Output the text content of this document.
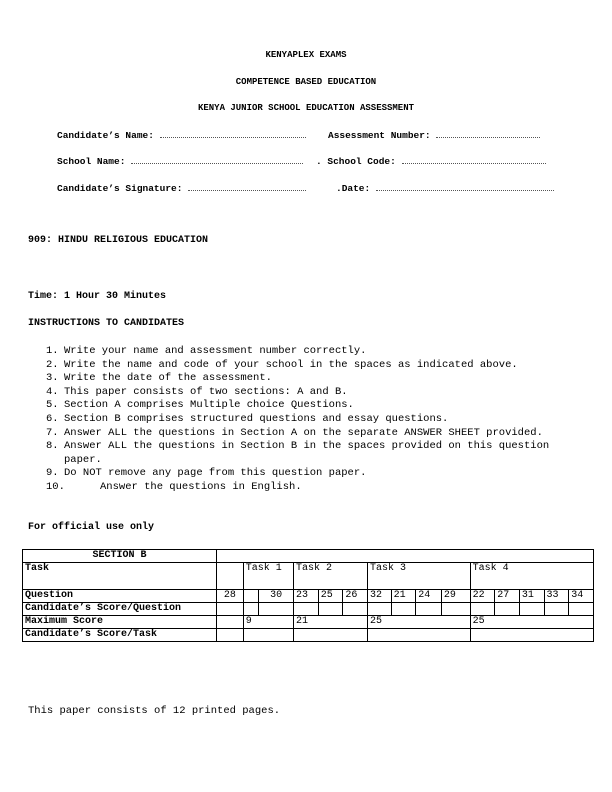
KENYAPLEX EXAMS
COMPETENCE BASED EDUCATION
KENYA JUNIOR SCHOOL EDUCATION ASSESSMENT
Candidate’s Name:	Assessment Number:
School Name:	. School Code:
Candidate’s Signature:	.Date:
909: HINDU RELIGIOUS EDUCATION
Time: 1 Hour 30 Minutes
INSTRUCTIONS TO CANDIDATES
1. Write your name and assessment number correctly.
2. Write the name and code of your school in the spaces as indicated above.
3. Write the date of the assessment.
4. This paper consists of two sections: A and B.
5. Section A comprises Multiple choice Questions.
6. Section B comprises structured questions and essay questions.
7. Answer ALL the questions in Section A on the separate ANSWER SHEET provided.
8. Answer ALL the questions in Section B in the spaces provided on this question paper.
9. Do NOT remove any page from this question paper.
10.	Answer the questions in English.
For official use only
SECTION B															
Task		Task 1		Task 2			Task 3				Task 4				
Question	28		30	23	25	26	32	21	24	29	22	27	31	33	34
Candidate’s Score/Question															
Maximum Score		9		21			25				25				
Candidate’s Score/Task															
This paper consists of 12 printed pages.
